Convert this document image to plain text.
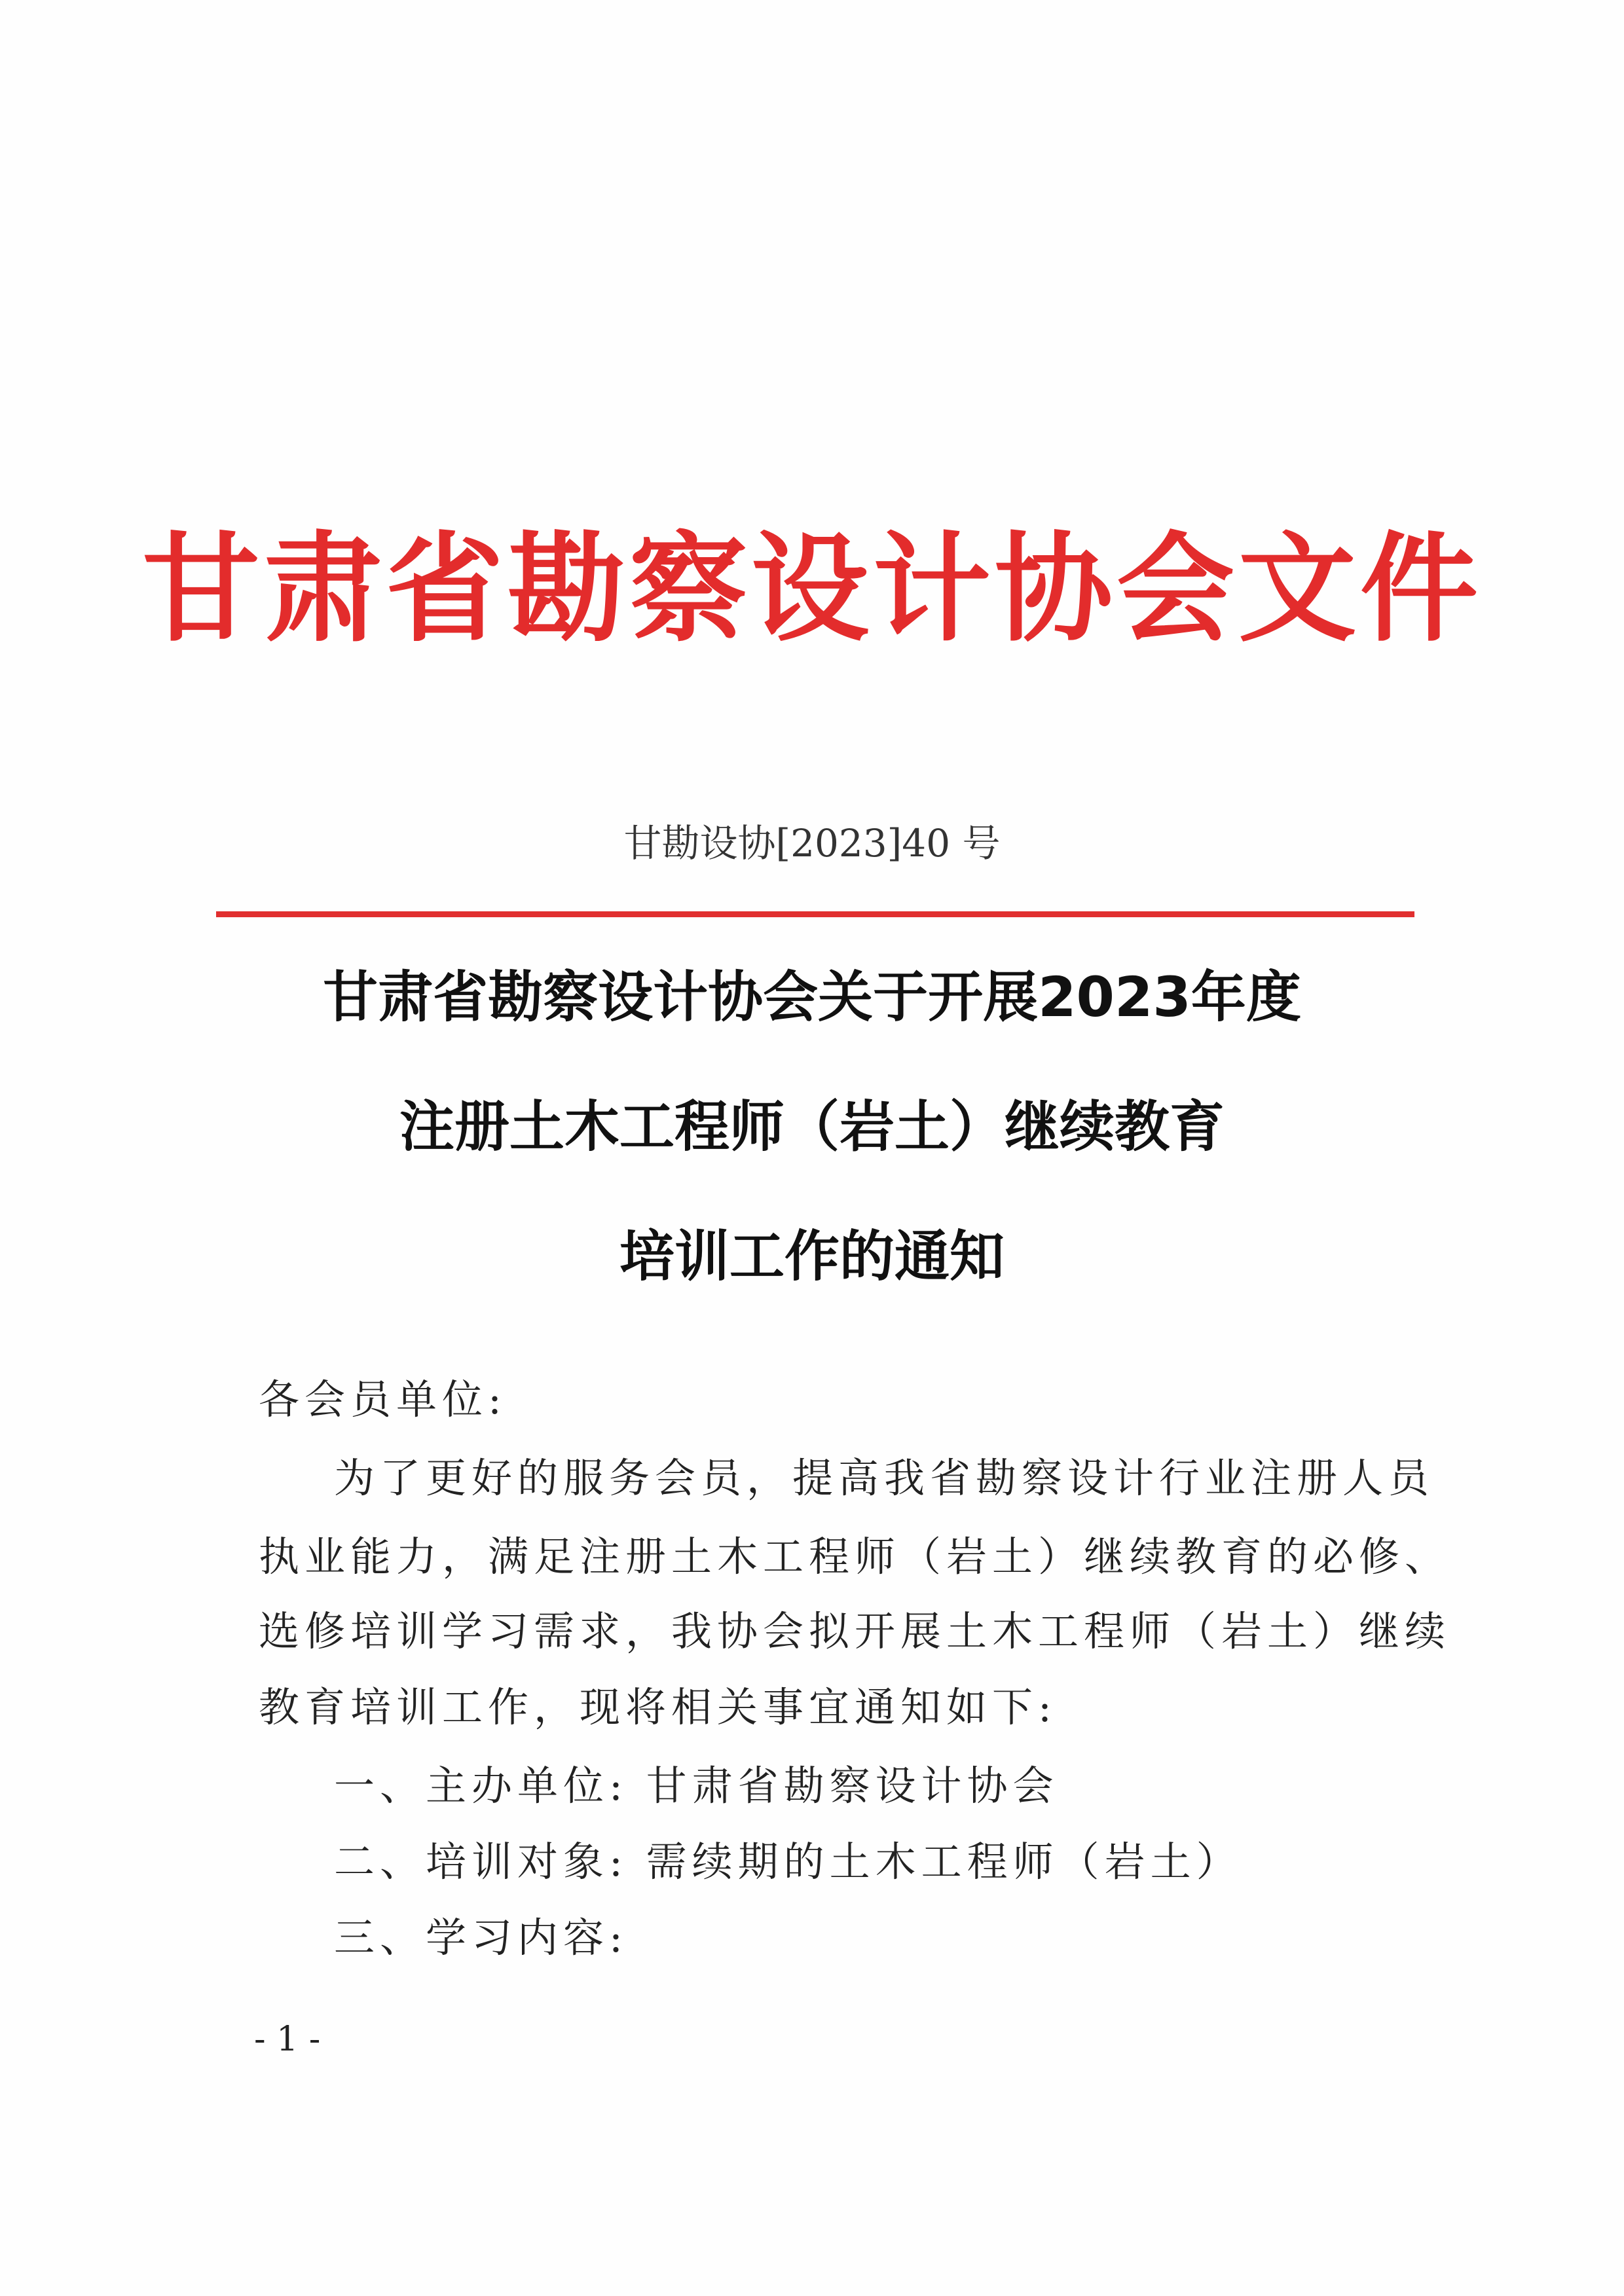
甘肃省勘察设计协会文件
甘勘设协[2023]40 号
甘肃省勘察设计协会关于开展2023年度
注册土木工程师（岩土）继续教育
培训工作的通知
各会员单位:
为了更好的服务会员，提高我省勘察设计行业注册人员
执业能力，满足注册土木工程师（岩土）继续教育的必修、
选修培训学习需求，我协会拟开展土木工程师（岩土）继续
教育培训工作，现将相关事宜通知如下:
一、主办单位: 甘肃省勘察设计协会
二、培训对象: 需续期的土木工程师（岩土）
三、学习内容:
- 1 -
